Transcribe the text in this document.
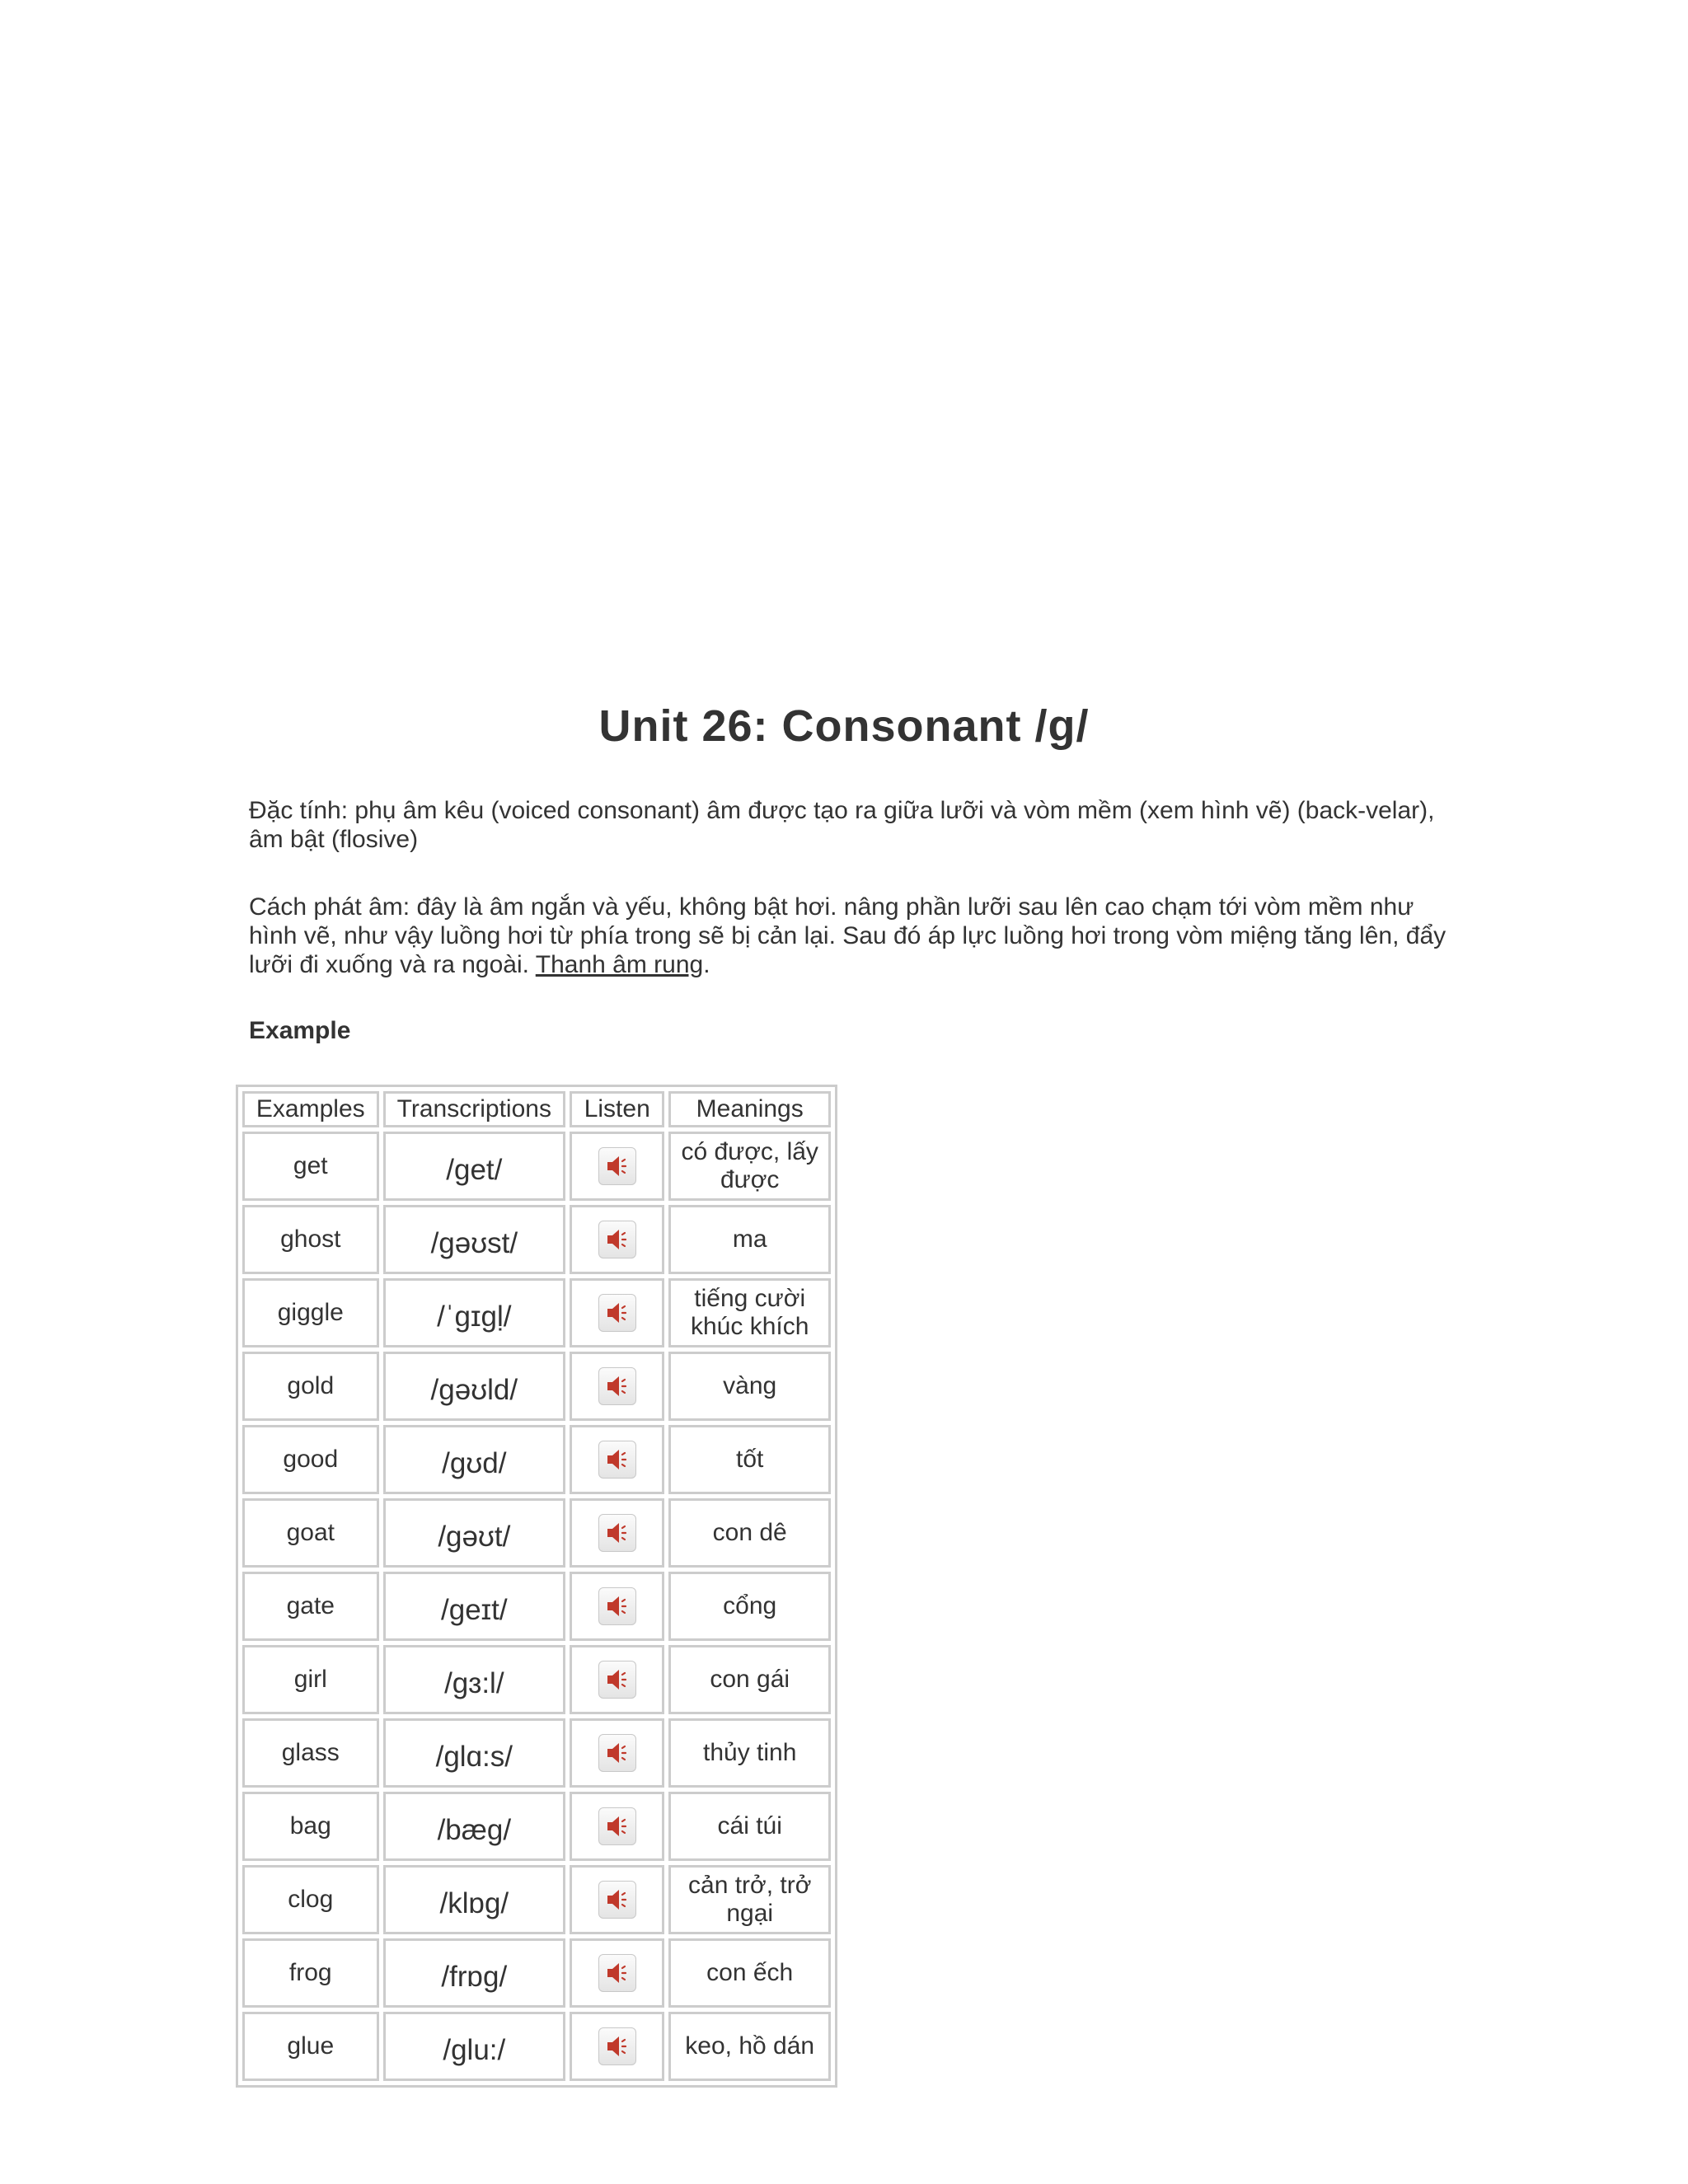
Unit 26: Consonant /g/

Đặc tính: phụ âm kêu (voiced consonant) âm được tạo ra giữa lưỡi và vòm mềm (xem hình vẽ) (back-velar), âm bật (flosive)

Cách phát âm: đây là âm ngắn và yếu, không bật hơi. nâng phần lưỡi sau lên cao chạm tới vòm mềm như hình vẽ, như vậy luồng hơi từ phía trong sẽ bị cản lại. Sau đó áp lực luồng hơi trong vòm miệng tăng lên, đẩy lưỡi đi xuống và ra ngoài. Thanh âm rung.

Example
Examples	Transcriptions	Listen	Meanings
get	/get/		có được, lấy được
ghost	/gəʊst/		ma
giggle	/ˈgɪgḷ/		tiếng cười khúc khích
gold	/gəʊld/		vàng
good	/gʊd/		tốt
goat	/gəʊt/		con dê
gate	/geɪt/		cổng
girl	/gɜ:l/		con gái
glass	/glɑ:s/		thủy tinh
bag	/bæg/		cái túi
clog	/klɒg/		cản trở, trở ngại
frog	/frɒg/		con ếch
glue	/glu:/		keo, hồ dán
